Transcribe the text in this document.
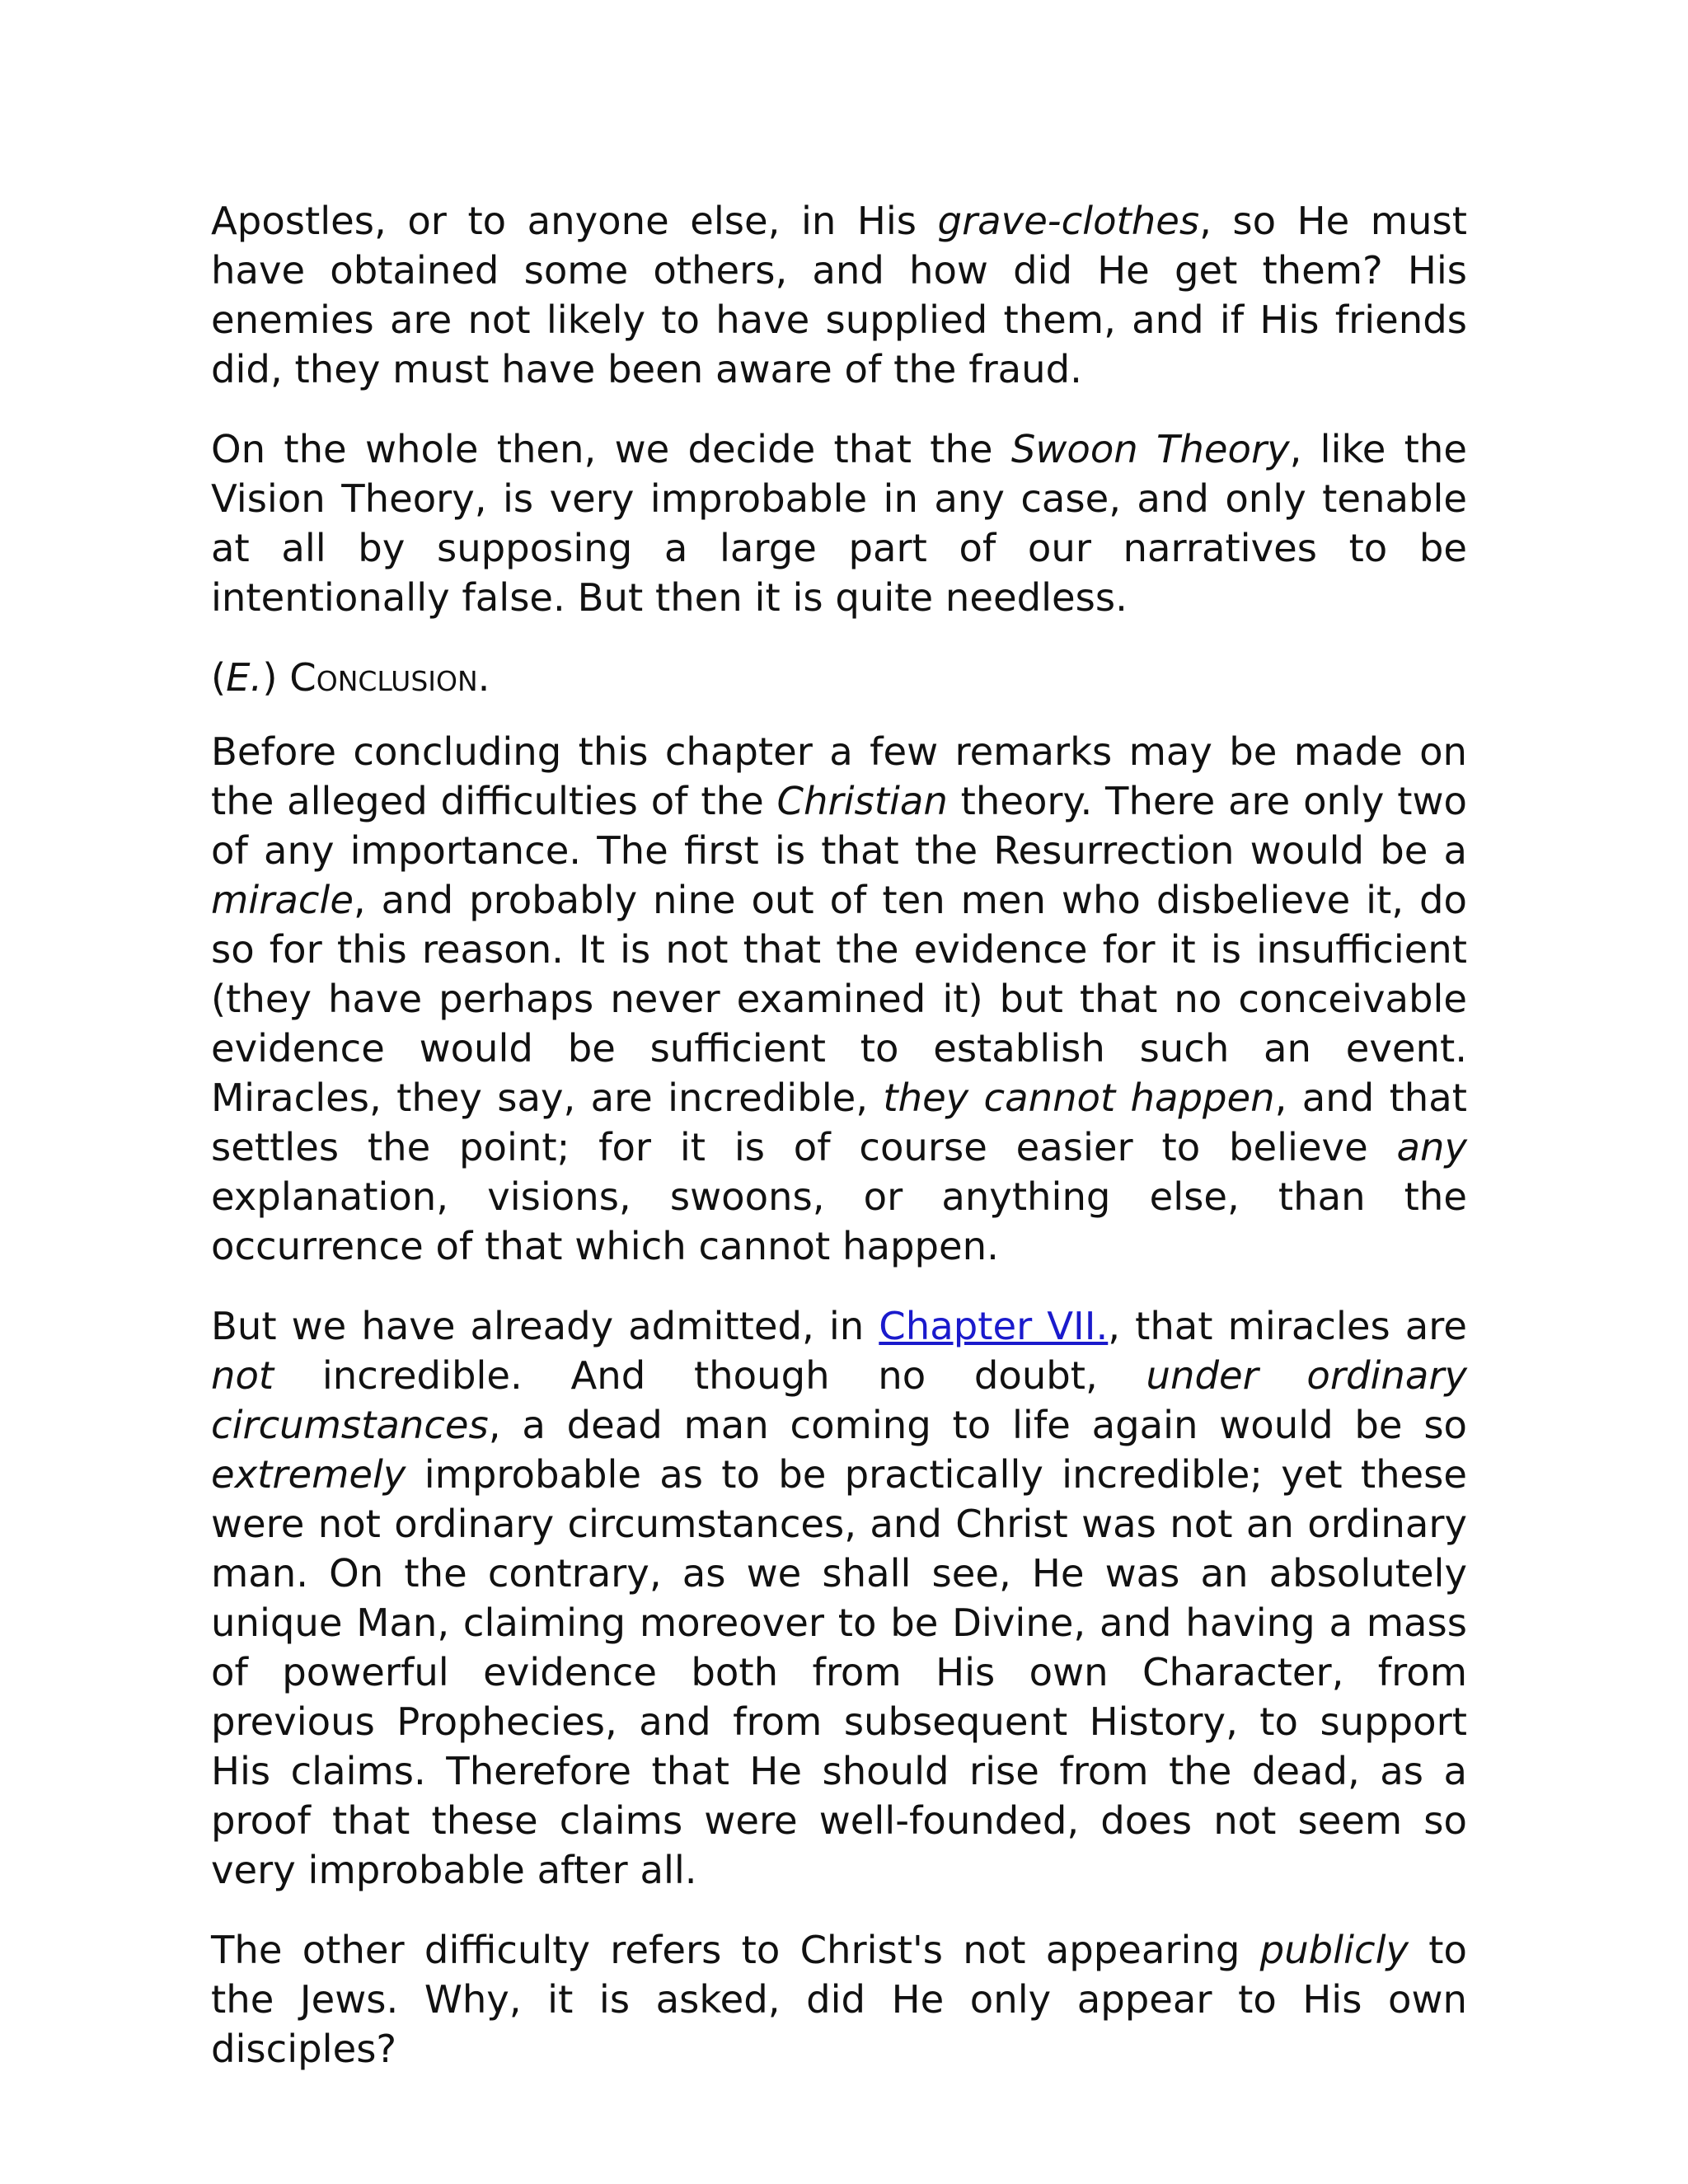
Apostles, or to anyone else, in His grave-clothes, so He must have obtained some others, and how did He get them? His enemies are not likely to have supplied them, and if His friends did, they must have been aware of the fraud.

On the whole then, we decide that the Swoon Theory, like the Vision Theory, is very improbable in any case, and only tenable at all by supposing a large part of our narratives to be intentionally false. But then it is quite needless.

(E.) Conclusion.

Before concluding this chapter a few remarks may be made on the alleged difficulties of the Christian theory. There are only two of any importance. The first is that the Resurrection would be a miracle, and probably nine out of ten men who disbelieve it, do so for this reason. It is not that the evidence for it is insufficient (they have perhaps never examined it) but that no conceivable evidence would be sufficient to establish such an event. Miracles, they say, are incredible, they cannot happen, and that settles the point; for it is of course easier to believe any explanation, visions, swoons, or anything else, than the occurrence of that which cannot happen.

But we have already admitted, in Chapter VII., that miracles are not incredible. And though no doubt, under ordinary circumstances, a dead man coming to life again would be so extremely improbable as to be practically incredible; yet these were not ordinary circumstances, and Christ was not an ordinary man. On the contrary, as we shall see, He was an absolutely unique Man, claiming moreover to be Divine, and having a mass of powerful evidence both from His own Character, from previous Prophecies, and from subsequent History, to support His claims. Therefore that He should rise from the dead, as a proof that these claims were well-founded, does not seem so very improbable after all.

The other difficulty refers to Christ's not appearing publicly to the Jews. Why, it is asked, did He only appear to His own disciples?
